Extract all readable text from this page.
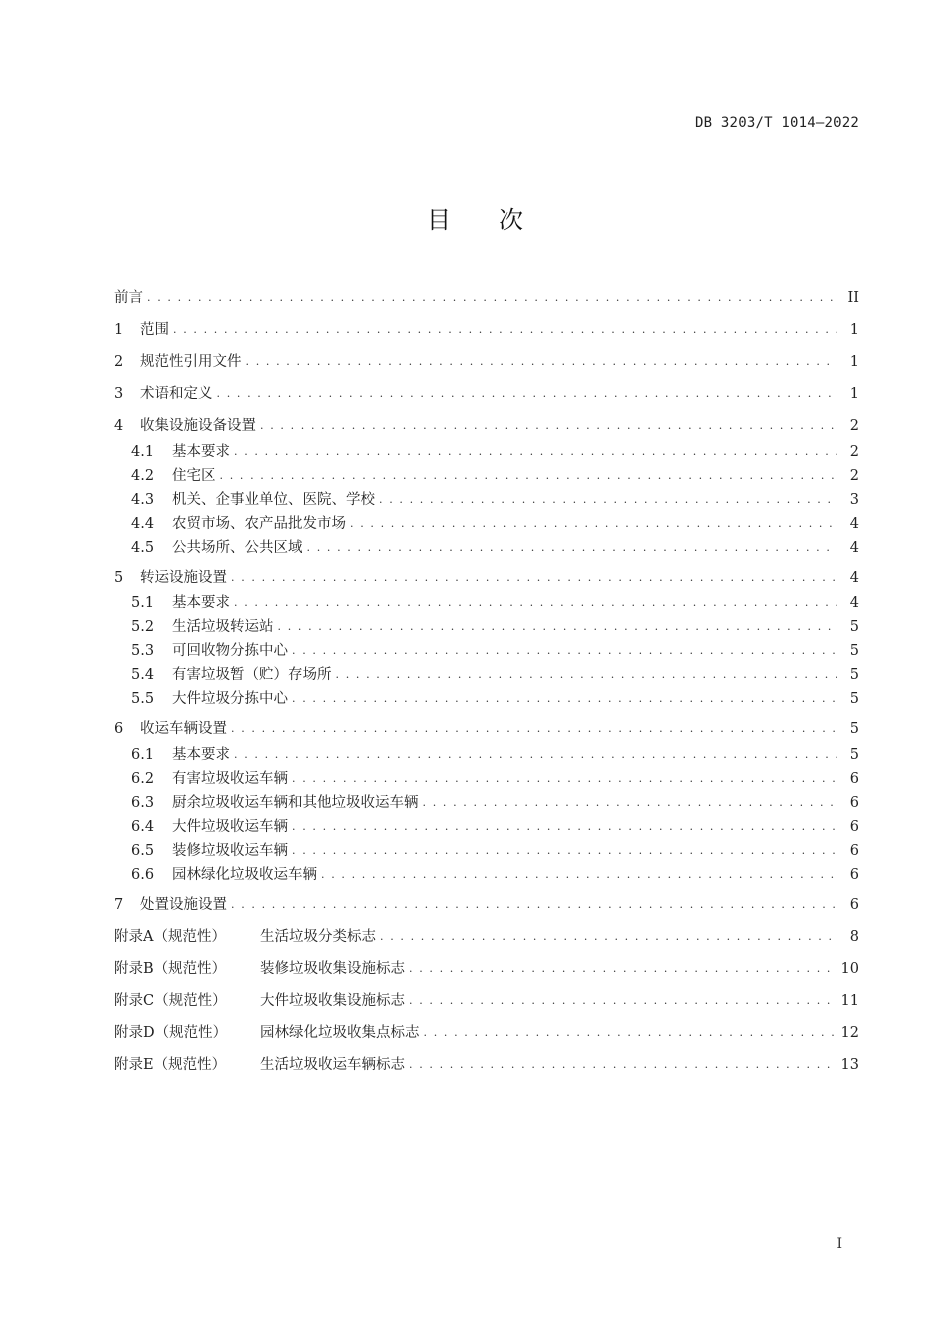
DB 3203/T 1014—2022
目次
前言 . . .	II
1	范围 . . .	1
2	规范性引用文件 . . .	1
3	术语和定义 . . .	1
4	收集设施设备设置 . . .	2
4.1	基本要求 . . .	2
4.2	住宅区 . . .	2
4.3	机关、企事业单位、医院、学校 . . .	3
4.4	农贸市场、农产品批发市场 . . .	4
4.5	公共场所、公共区域 . . .	4
5	转运设施设置 . . .	4
5.1	基本要求 . . .	4
5.2	生活垃圾转运站 . . .	5
5.3	可回收物分拣中心 . . .	5
5.4	有害垃圾暂（贮）存场所 . . .	5
5.5	大件垃圾分拣中心 . . .	5
6	收运车辆设置 . . .	5
6.1	基本要求 . . .	5
6.2	有害垃圾收运车辆 . . .	6
6.3	厨余垃圾收运车辆和其他垃圾收运车辆 . . .	6
6.4	大件垃圾收运车辆 . . .	6
6.5	装修垃圾收运车辆 . . .	6
6.6	园林绿化垃圾收运车辆 . . .	6
7	处置设施设置 . . .	6
附录A（规范性）	生活垃圾分类标志 . . .	8
附录B（规范性）	装修垃圾收集设施标志 . . .	10
附录C（规范性）	大件垃圾收集设施标志 . . .	11
附录D（规范性）	园林绿化垃圾收集点标志 . . .	12
附录E（规范性）	生活垃圾收运车辆标志 . . .	13
I
